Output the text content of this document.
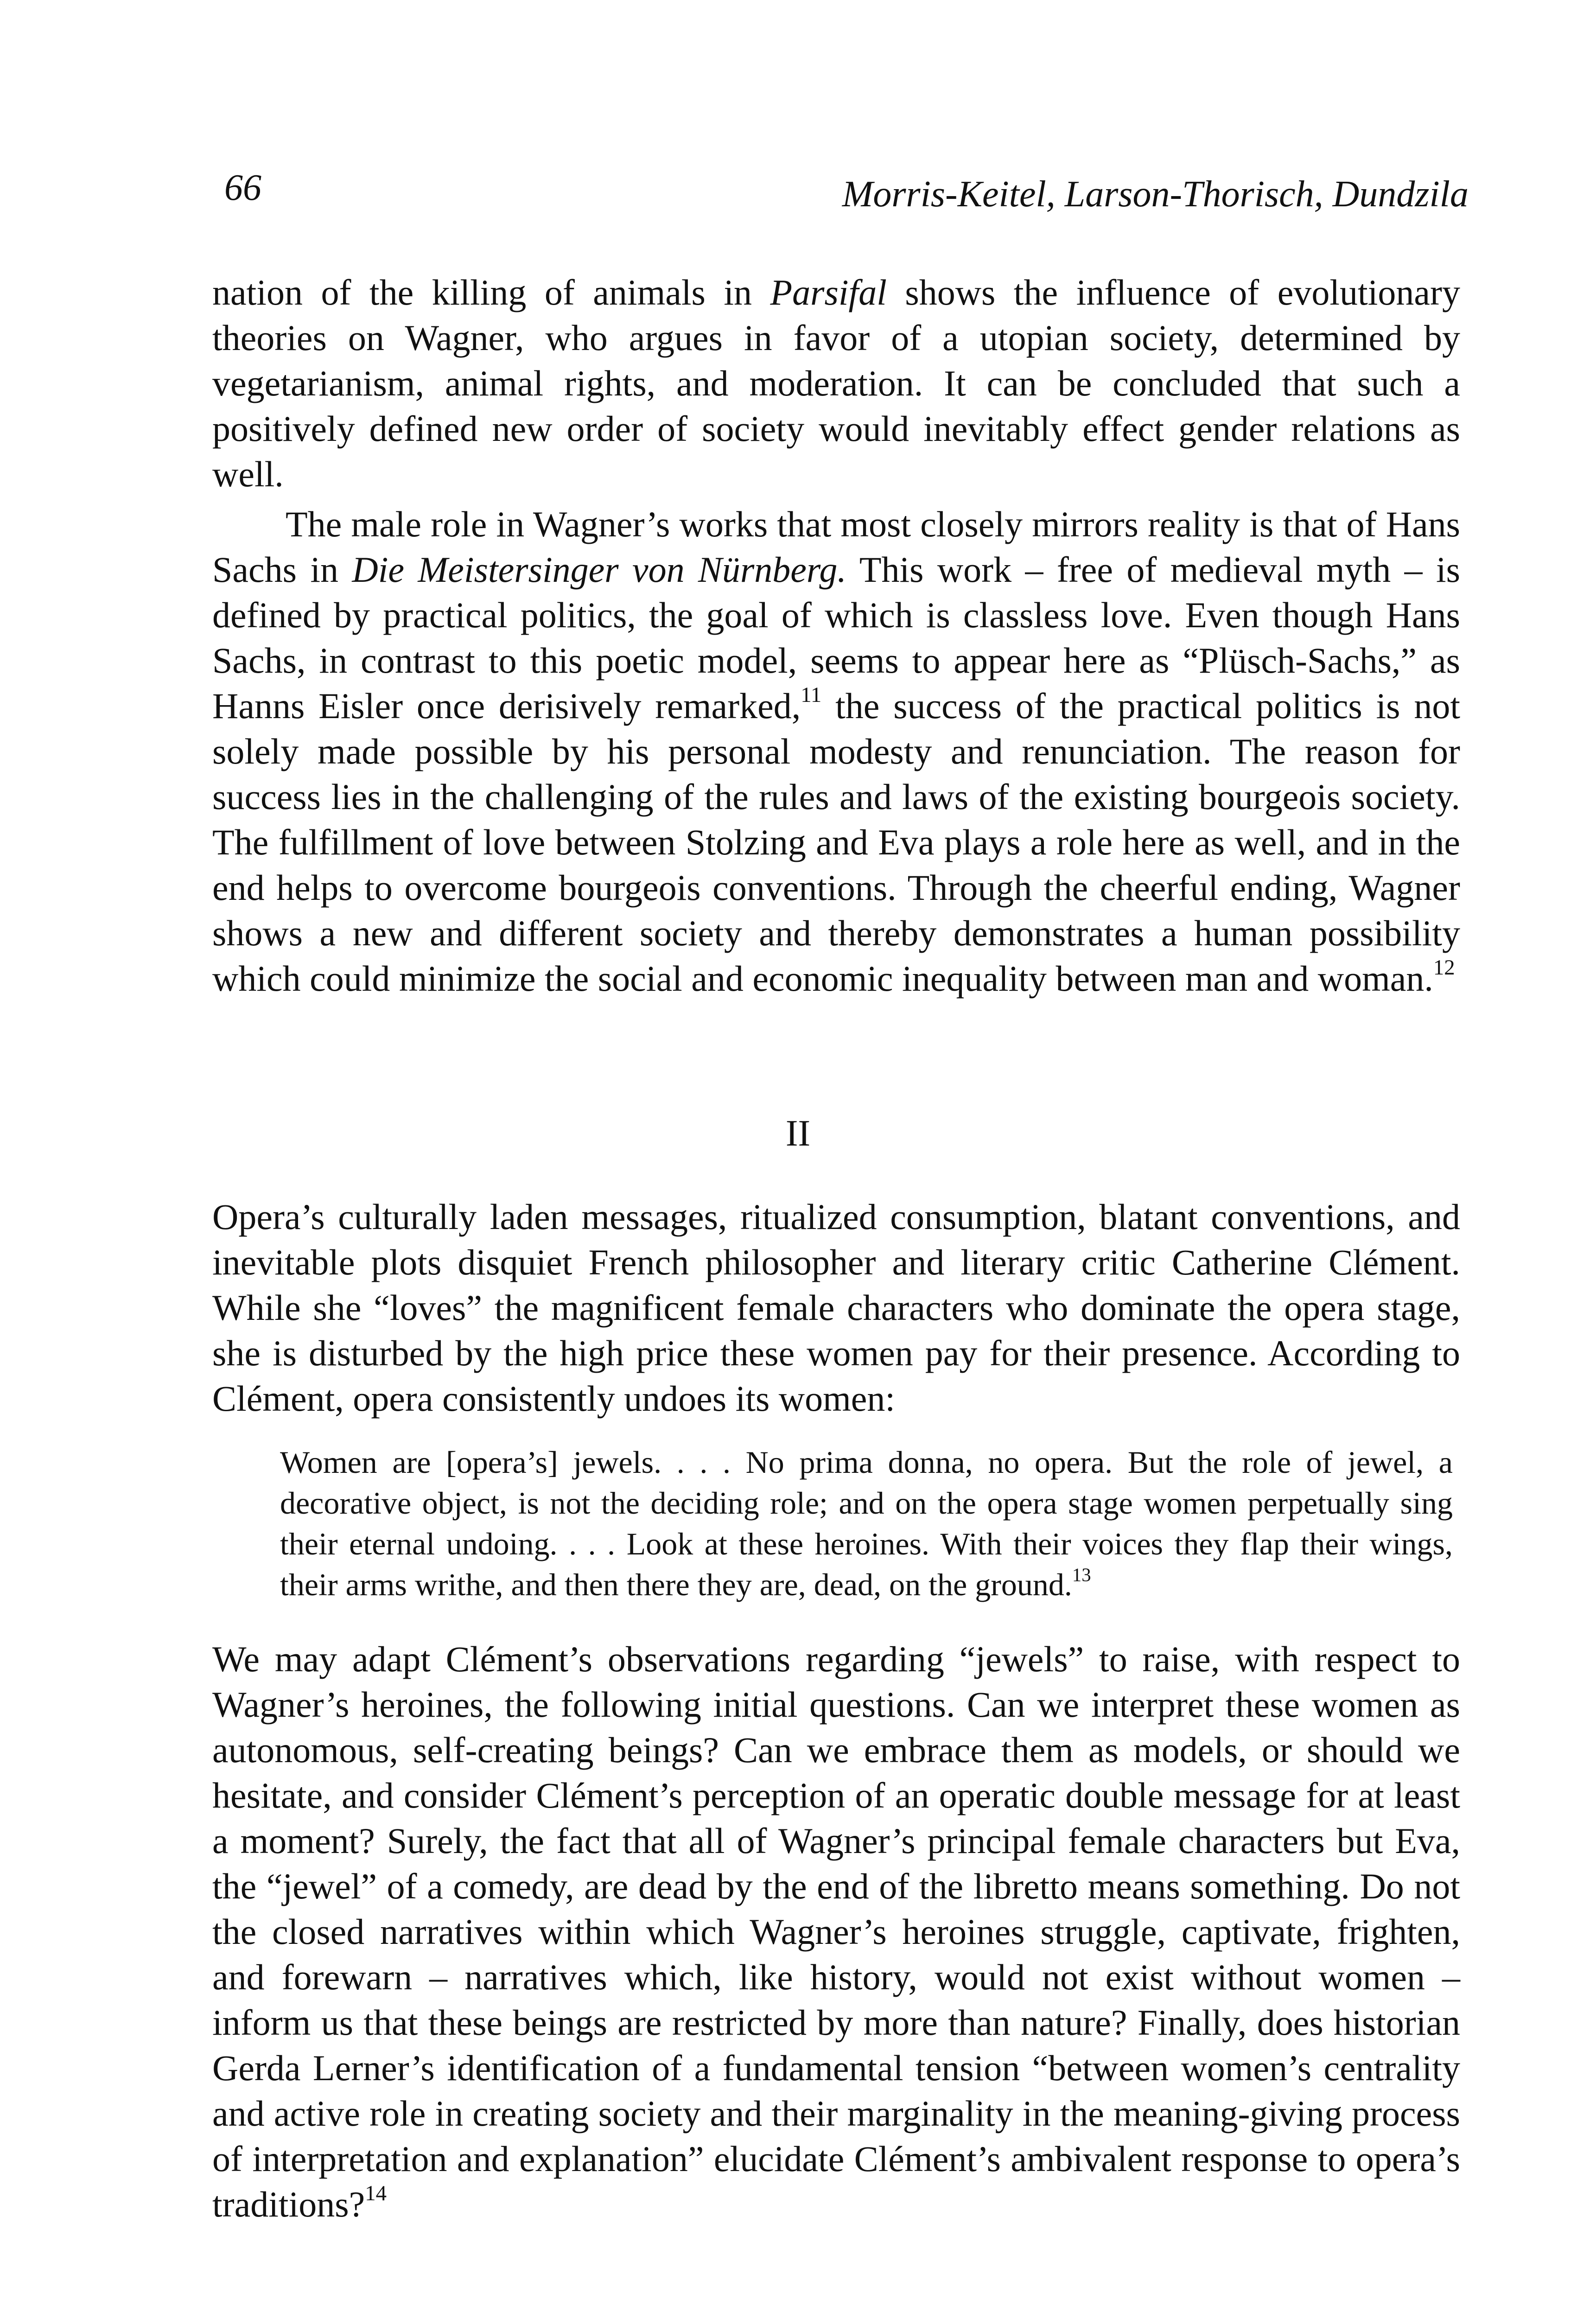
66	Morris-Keitel, Larson-Thorisch, Dundzila

nation of the killing of animals in Parsifal shows the influence of evolutionary theories on Wagner, who argues in favor of a utopian society, determined by vegetarianism, animal rights, and moderation. It can be concluded that such a positively defined new order of society would inevitably effect gender relations as well.

The male role in Wagner’s works that most closely mirrors reality is that of Hans Sachs in Die Meistersinger von Nürnberg. This work – free of medieval myth – is defined by practical politics, the goal of which is classless love. Even though Hans Sachs, in contrast to this poetic model, seems to appear here as “Plüsch-Sachs,” as Hanns Eisler once derisively remarked,$^{11}$ the success of the practical politics is not solely made possible by his personal modesty and renunciation. The reason for success lies in the challenging of the rules and laws of the existing bourgeois society. The fulfillment of love between Stolzing and Eva plays a role here as well, and in the end helps to overcome bourgeois conventions. Through the cheerful ending, Wagner shows a new and different society and thereby demonstrates a human possibility which could minimize the social and economic inequality between man and woman.$^{12}$

II

Opera’s culturally laden messages, ritualized consumption, blatant conventions, and inevitable plots disquiet French philosopher and literary critic Catherine Clément. While she “loves” the magnificent female characters who dominate the opera stage, she is disturbed by the high price these women pay for their presence. According to Clément, opera consistently undoes its women:

Women are [opera’s] jewels. . . . No prima donna, no opera. But the role of jewel, a decorative object, is not the deciding role; and on the opera stage women perpetually sing their eternal undoing. . . . Look at these heroines. With their voices they flap their wings, their arms writhe, and then there they are, dead, on the ground.$^{13}$

We may adapt Clément’s observations regarding “jewels” to raise, with respect to Wagner’s heroines, the following initial questions. Can we interpret these women as autonomous, self-creating beings? Can we embrace them as models, or should we hesitate, and consider Clément’s perception of an operatic double message for at least a moment? Surely, the fact that all of Wagner’s principal female characters but Eva, the “jewel” of a comedy, are dead by the end of the libretto means something. Do not the closed narratives within which Wagner’s heroines struggle, captivate, frighten, and forewarn – narratives which, like history, would not exist without women – inform us that these beings are restricted by more than nature? Finally, does historian Gerda Lerner’s identification of a fundamental tension “between women’s centrality and active role in creating society and their marginality in the meaning-giving process of interpretation and explanation” elucidate Clément’s ambivalent response to opera’s traditions?$^{14}$
